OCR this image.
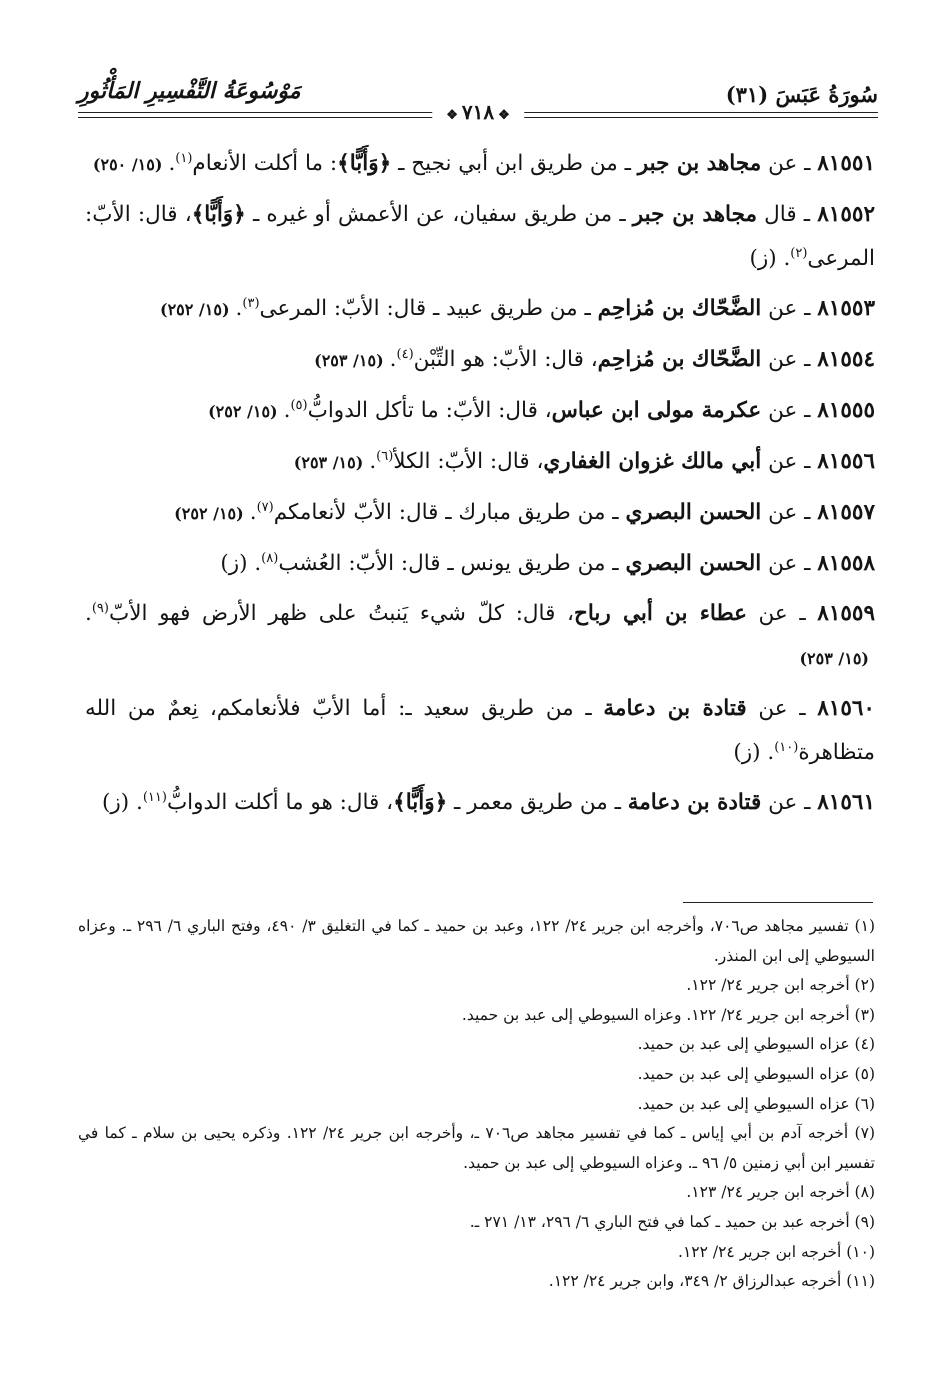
سُورَةُ عَبَسَ (٣١)
مَوْسُوعَةُ التَّفْسِيرِ المَأْثُورِ
❖٧١٨❖
٨١٥٥١ ـ عن مجاهد بن جبر ـ من طريق ابن أبي نجيح ـ ﴿وَأَبًّا﴾: ما أكلت الأنعام$^{(١)}$.(١٥/ ٢٥٠)
٨١٥٥٢ ـ قال مجاهد بن جبر ـ من طريق سفيان، عن الأعمش أو غيره ـ ﴿وَأَبًّا﴾، قال: الأبّ: المرعى$^{(٢)}$. (ز)
٨١٥٥٣ ـ عن الضَّحّاك بن مُزاحِم ـ من طريق عبيد ـ قال: الأبّ: المرعى$^{(٣)}$.(١٥/ ٢٥٢)
٨١٥٥٤ ـ عن الضَّحّاك بن مُزاحِم، قال: الأبّ: هو التِّبْن$^{(٤)}$.(١٥/ ٢٥٣)
٨١٥٥٥ ـ عن عكرمة مولى ابن عباس، قال: الأبّ: ما تأكل الدوابُّ$^{(٥)}$.(١٥/ ٢٥٢)
٨١٥٥٦ ـ عن أبي مالك غزوان الغفاري، قال: الأبّ: الكلأ$^{(٦)}$.(١٥/ ٢٥٣)
٨١٥٥٧ ـ عن الحسن البصري ـ من طريق مبارك ـ قال: الأبّ لأنعامكم$^{(٧)}$.(١٥/ ٢٥٢)
٨١٥٥٨ ـ عن الحسن البصري ـ من طريق يونس ـ قال: الأبّ: العُشب$^{(٨)}$. (ز)
٨١٥٥٩ ـ عن عطاء بن أبي رباح، قال: كلّ شيء يَنبتُ على ظهر الأرض فهو الأبّ$^{(٩)}$.(١٥/ ٢٥٣)
٨١٥٦٠ ـ عن قتادة بن دعامة ـ من طريق سعيد ـ: أما الأبّ فلأنعامكم، نِعمٌ من الله متظاهرة$^{(١٠)}$. (ز)
٨١٥٦١ ـ عن قتادة بن دعامة ـ من طريق معمر ـ ﴿وَأَبًّا﴾، قال: هو ما أكلت الدوابُّ$^{(١١)}$. (ز)
(١) تفسير مجاهد ص٧٠٦، وأخرجه ابن جرير ٢٤/ ١٢٢، وعبد بن حميد ـ كما في التغليق ٣/ ٤٩٠، وفتح الباري ٦/ ٢٩٦ ـ. وعزاه السيوطي إلى ابن المنذر.
(٢) أخرجه ابن جرير ٢٤/ ١٢٢.
(٣) أخرجه ابن جرير ٢٤/ ١٢٢. وعزاه السيوطي إلى عبد بن حميد.
(٤) عزاه السيوطي إلى عبد بن حميد.
(٥) عزاه السيوطي إلى عبد بن حميد.
(٦) عزاه السيوطي إلى عبد بن حميد.
(٧) أخرجه آدم بن أبي إياس ـ كما في تفسير مجاهد ص٧٠٦ ـ، وأخرجه ابن جرير ٢٤/ ١٢٢. وذكره يحيى بن سلام ـ كما في تفسير ابن أبي زمنين ٥/ ٩٦ ـ. وعزاه السيوطي إلى عبد بن حميد.
(٨) أخرجه ابن جرير ٢٤/ ١٢٣.
(٩) أخرجه عبد بن حميد ـ كما في فتح الباري ٦/ ٢٩٦، ١٣/ ٢٧١ ـ.
(١٠) أخرجه ابن جرير ٢٤/ ١٢٢.
(١١) أخرجه عبدالرزاق ٢/ ٣٤٩، وابن جرير ٢٤/ ١٢٢.
